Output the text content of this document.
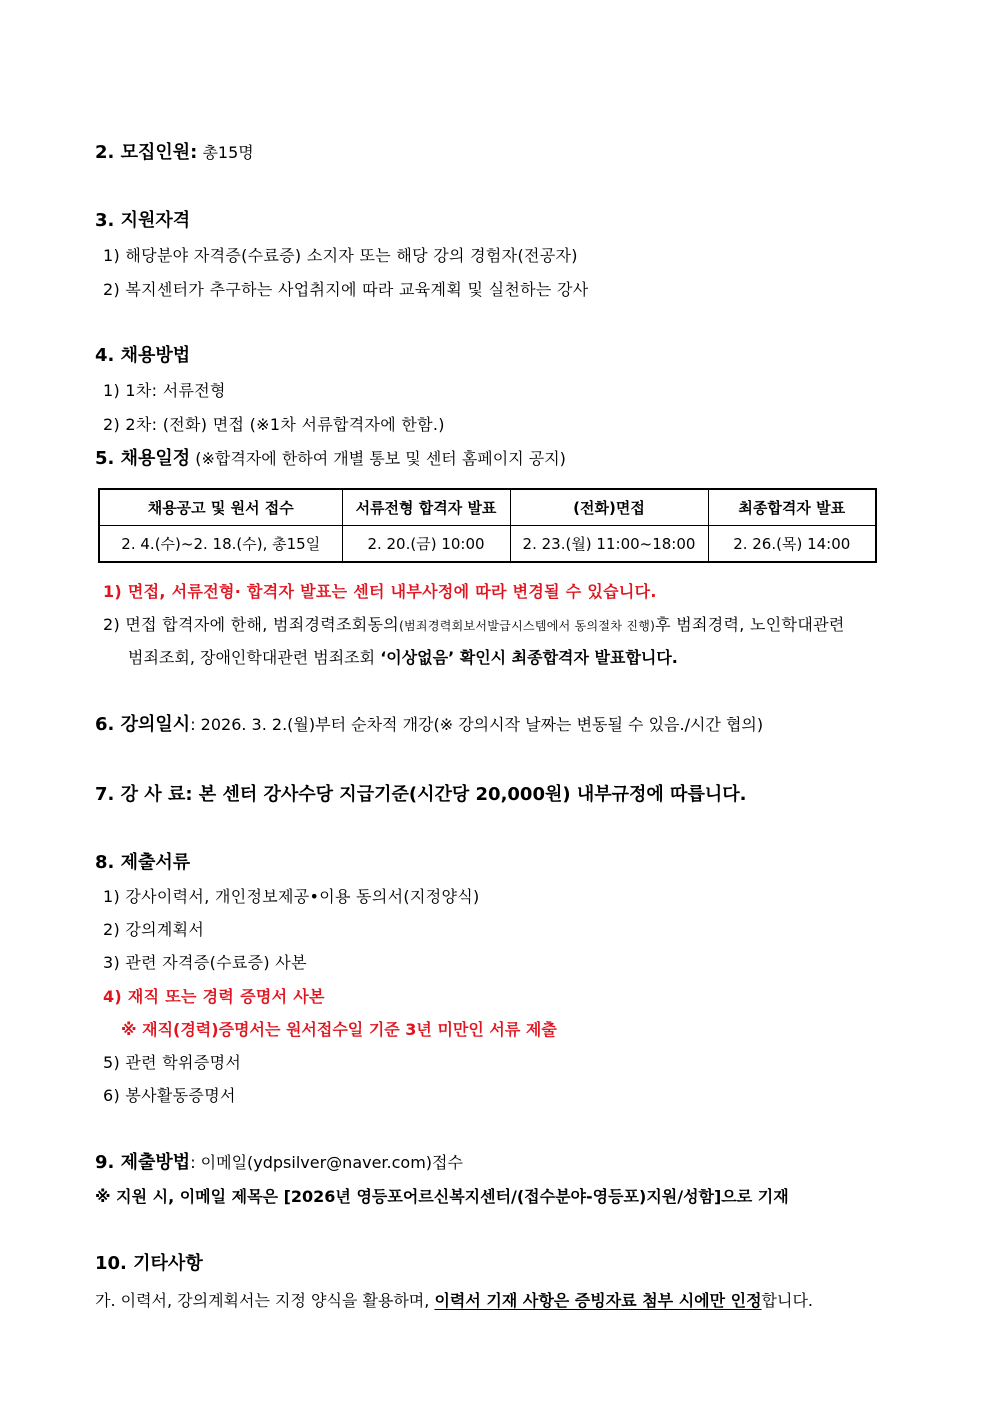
2. 모집인원: 총15명
3. 지원자격
1) 해당분야 자격증(수료증) 소지자 또는 해당 강의 경험자(전공자)
2) 복지센터가 추구하는 사업취지에 따라 교육계획 및 실천하는 강사
4. 채용방법
1) 1차: 서류전형
2) 2차: (전화) 면접 (※1차 서류합격자에 한함.)
5. 채용일정 (※합격자에 한하여 개별 통보 및 센터 홈페이지 공지)
채용공고 및 원서 접수	서류전형 합격자 발표	(전화)면접	최종합격자 발표
2. 4.(수)~2. 18.(수), 총15일	2. 20.(금) 10:00	2. 23.(월) 11:00~18:00	2. 26.(목) 14:00
1) 면접, 서류전형· 합격자 발표는 센터 내부사정에 따라 변경될 수 있습니다.
2) 면접 합격자에 한해, 범죄경력조회동의(범죄경력회보서발급시스템에서 동의절차 진행)후 범죄경력, 노인학대관련
범죄조회, 장애인학대관련 범죄조회 ‘이상없음’ 확인시 최종합격자 발표합니다.
6. 강의일시: 2026. 3. 2.(월)부터 순차적 개강(※ 강의시작 날짜는 변동될 수 있음./시간 협의)
7. 강 사 료: 본 센터 강사수당 지급기준(시간당 20,000원) 내부규정에 따릅니다.
8. 제출서류
1) 강사이력서, 개인정보제공•이용 동의서(지정양식)
2) 강의계획서
3) 관련 자격증(수료증) 사본
4) 재직 또는 경력 증명서 사본
※ 재직(경력)증명서는 원서접수일 기준 3년 미만인 서류 제출
5) 관련 학위증명서
6) 봉사활동증명서
9. 제출방법: 이메일(ydpsilver@naver.com)접수
※ 지원 시, 이메일 제목은 [2026년 영등포어르신복지센터/(접수분야-영등포)지원/성함]으로 기재
10. 기타사항
가. 이력서, 강의계획서는 지정 양식을 활용하며, 이력서 기재 사항은 증빙자료 첨부 시에만 인정합니다.
